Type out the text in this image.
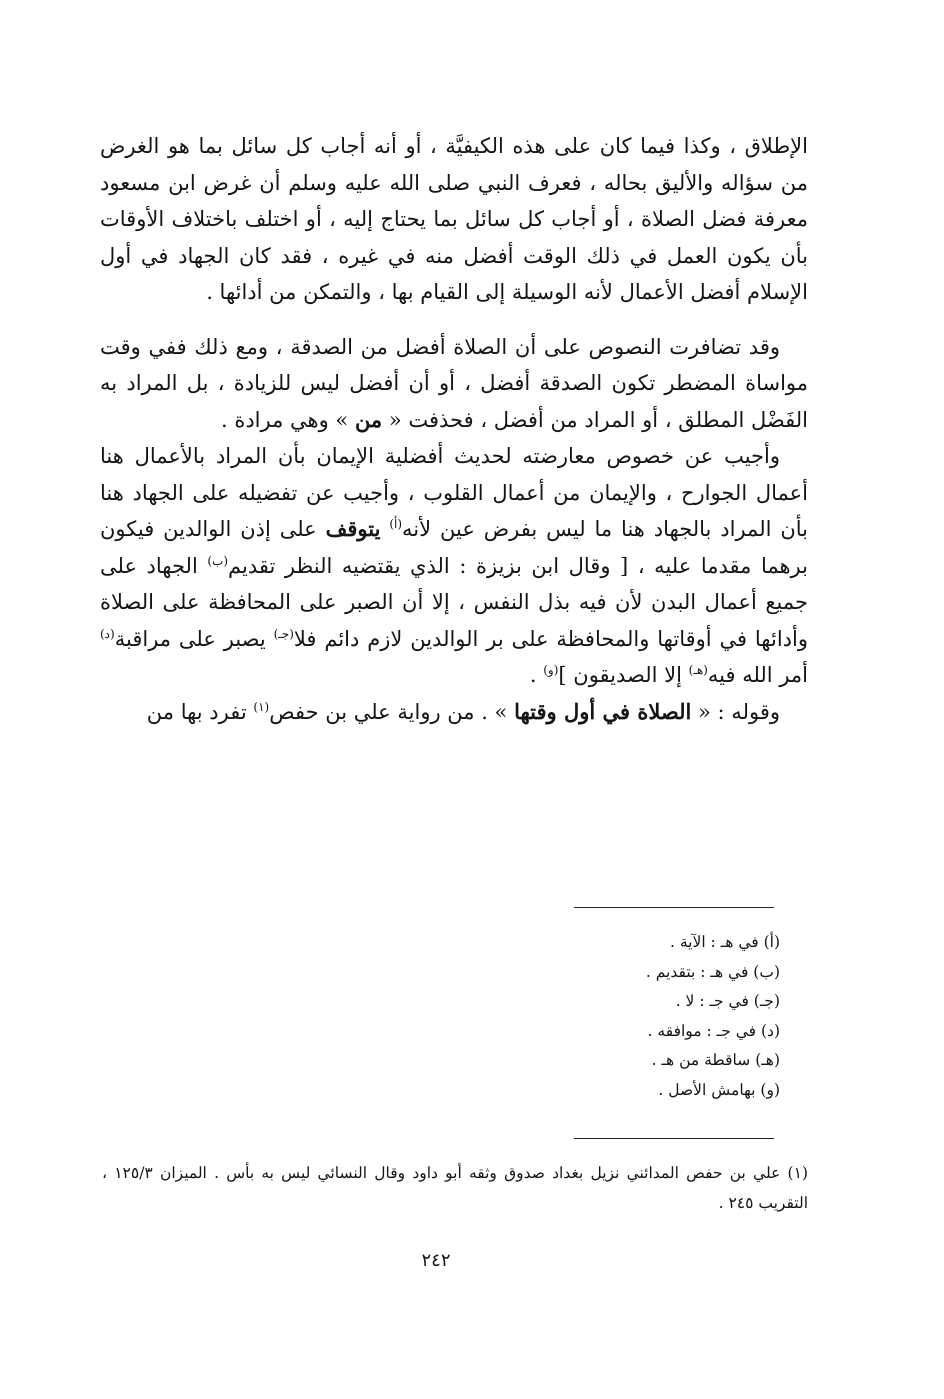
الإطلاق ، وكذا فيما كان على هذه الكيفيَّة ، أو أنه أجاب كل سائل بما هو الغرض من سؤاله والأليق بحاله ، فعرف النبي صلى الله عليه وسلم أن غرض ابن مسعود معرفة فضل الصلاة ، أو أجاب كل سائل بما يحتاج إليه ، أو اختلف باختلاف الأوقات بأن يكون العمل في ذلك الوقت أفضل منه في غيره ، فقد كان الجهاد في أول الإسلام أفضل الأعمال لأنه الوسيلة إلى القيام بها ، والتمكن من أدائها .

وقد تضافرت النصوص على أن الصلاة أفضل من الصدقة ، ومع ذلك ففي وقت مواساة المضطر تكون الصدقة أفضل ، أو أن أفضل ليس للزيادة ، بل المراد به الفَضْل المطلق ، أو المراد من أفضل ، فحذفت « من » وهي مرادة .

وأجيب عن خصوص معارضته لحديث أفضلية الإيمان بأن المراد بالأعمال هنا أعمال الجوارح ، والإيمان من أعمال القلوب ، وأجيب عن تفضيله على الجهاد هنا بأن المراد بالجهاد هنا ما ليس بفرض عين لأنه$^{(أ)}$ يتوقف على إذن الوالدين فيكون برهما مقدما عليه ، [ وقال ابن بزيزة : الذي يقتضيه النظر تقديم$^{(ب)}$ الجهاد على جميع أعمال البدن لأن فيه بذل النفس ، إلا أن الصبر على المحافظة على الصلاة وأدائها في أوقاتها والمحافظة على بر الوالدين لازم دائم فلا$^{(جـ)}$ يصبر على مراقبة$^{(د)}$ أمر الله فيه$^{(هـ)}$ إلا الصديقون ]$^{(و)}$ .

وقوله : « الصلاة في أول وقتها » . من رواية علي بن حفص$^{(١)}$ تفرد بها من

(أ) في هـ : الآية .
(ب) في هـ : بتقديم .
(جـ) في جـ : لا .
(د) في جـ : موافقه .
(هـ) ساقطة من هـ .
(و) بهامش الأصل .

(١) علي بن حفص المدائني نزيل بغداد صدوق وثقه أبو داود وقال النسائي ليس به بأس . الميزان ١٢٥/٣ ، التقريب ٢٤٥ .

٢٤٢
